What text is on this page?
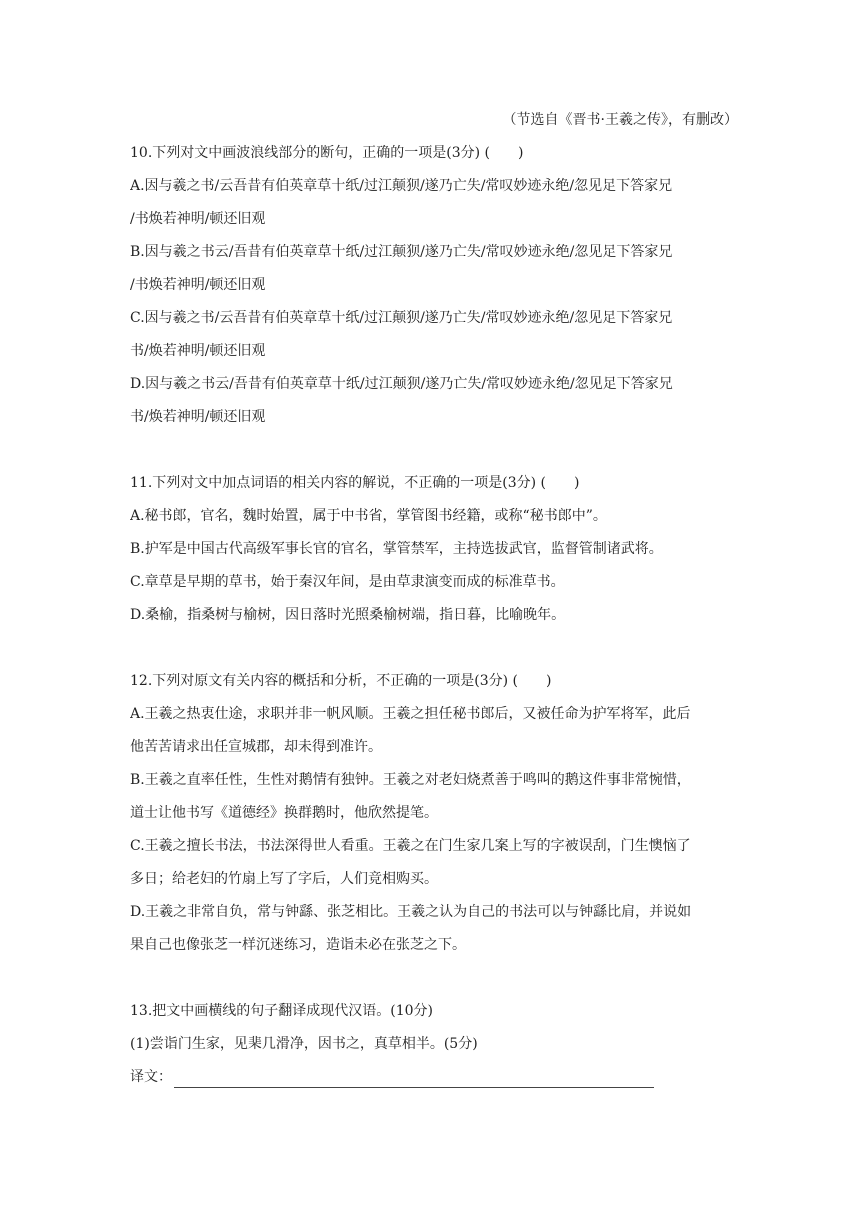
（节选自《晋书·王羲之传》，有删改）

10.下列对文中画波浪线部分的断句，正确的一项是(3分) (　　)

A.因与羲之书/云吾昔有伯英章草十纸/过江颠狈/遂乃亡失/常叹妙迹永绝/忽见足下答家兄

/书焕若神明/顿还旧观

B.因与羲之书云/吾昔有伯英章草十纸/过江颠狈/遂乃亡失/常叹妙迹永绝/忽见足下答家兄

/书焕若神明/顿还旧观

C.因与羲之书/云吾昔有伯英章草十纸/过江颠狈/遂乃亡失/常叹妙迹永绝/忽见足下答家兄

书/焕若神明/顿还旧观

D.因与羲之书云/吾昔有伯英章草十纸/过江颠狈/遂乃亡失/常叹妙迹永绝/忽见足下答家兄

书/焕若神明/顿还旧观

11.下列对文中加点词语的相关内容的解说，不正确的一项是(3分) (　　)

A.秘书郎，官名，魏时始置，属于中书省，掌管图书经籍，或称“秘书郎中”。

B.护军是中国古代高级军事长官的官名，掌管禁军，主持选拔武官，监督管制诸武将。

C.章草是早期的草书，始于秦汉年间，是由草隶演变而成的标准草书。

D.桑榆，指桑树与榆树，因日落时光照桑榆树端，指日暮，比喻晚年。

12.下列对原文有关内容的概括和分析，不正确的一项是(3分) (　　)

A.王羲之热衷仕途，求职并非一帆风顺。王羲之担任秘书郎后，又被任命为护军将军，此后

他苦苦请求出任宣城郡，却未得到准许。

B.王羲之直率任性，生性对鹅情有独钟。王羲之对老妇烧煮善于鸣叫的鹅这件事非常惋惜，

道士让他书写《道德经》换群鹅时，他欣然提笔。

C.王羲之擅长书法，书法深得世人看重。王羲之在门生家几案上写的字被误刮，门生懊恼了

多日；给老妇的竹扇上写了字后，人们竞相购买。

D.王羲之非常自负，常与钟繇、张芝相比。王羲之认为自己的书法可以与钟繇比肩，并说如

果自己也像张芝一样沉迷练习，造诣未必在张芝之下。

13.把文中画横线的句子翻译成现代汉语。(10分)

(1)尝诣门生家，见棐几滑净，因书之，真草相半。(5分)

译文：
